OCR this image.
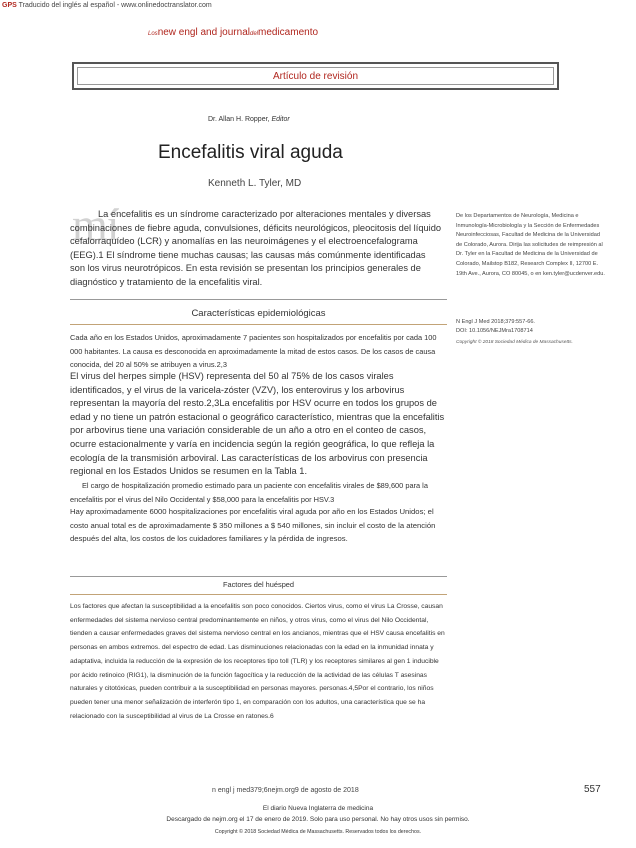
GPS Traducido del inglés al español - www.onlinedoctranslator.com
Losnew engl and journaldelmedicamento
Artículo de revisión
Dr. Allan H. Ropper, Editor
Encefalitis viral aguda
Kenneth L. Tyler, MD
mí
La encefalitis es un síndrome caracterizado por alteraciones mentales y diversas combinaciones de fiebre aguda, convulsiones, déficits neurológicos, pleocitosis del líquido cefalorraquídeo (LCR) y anomalías en las neuroimágenes y el electroencefalograma (EEG).1 El síndrome tiene muchas causas; las causas más comúnmente identificadas son los virus neurotrópicos. En esta revisión se presentan los principios generales de diagnóstico y tratamiento de la encefalitis viral.
De los Departamentos de Neurología, Medicina e Inmunología-Microbiología y la Sección de Enfermedades Neuroinfecciosas, Facultad de Medicina de la Universidad de Colorado, Aurora. Dirija las solicitudes de reimpresión al Dr. Tyler en la Facultad de Medicina de la Universidad de Colorado, Mailstop B182, Research Complex II, 12700 E. 19th Ave., Aurora, CO 80045, o en ken.tyler@ucdenver.edu.
N Engl J Med 2018;379:557-66.
DOI: 10.1056/NEJMra1708714
Copyright © 2018 Sociedad Médica de Massachusetts.
Características epidemiológicas
Cada año en los Estados Unidos, aproximadamente 7 pacientes son hospitalizados por encefalitis por cada 100 000 habitantes. La causa es desconocida en aproximadamente la mitad de estos casos. De los casos de causa conocida, del 20 al 50% se atribuyen a virus.2,3
El virus del herpes simple (HSV) representa del 50 al 75% de los casos virales identificados, y el virus de la varicela-zóster (VZV), los enterovirus y los arbovirus representan la mayoría del resto.2,3La encefalitis por HSV ocurre en todos los grupos de edad y no tiene un patrón estacional o geográfico característico, mientras que la encefalitis por arbovirus tiene una variación considerable de un año a otro en el conteo de casos, ocurre estacionalmente y varía en incidencia según la región geográfica, lo que refleja la ecología de la transmisión arboviral. Las características de los arbovirus con presencia regional en los Estados Unidos se resumen en la Tabla 1.
El cargo de hospitalización promedio estimado para un paciente con encefalitis virales de $89,600 para la encefalitis por el virus del Nilo Occidental y $58,000 para la encefalitis por HSV.3
Hay aproximadamente 6000 hospitalizaciones por encefalitis viral aguda por año en los Estados Unidos; el costo anual total es de aproximadamente $ 350 millones a $ 540 millones, sin incluir el costo de la atención después del alta, los costos de los cuidadores familiares y la pérdida de ingresos.
Factores del huésped
Los factores que afectan la susceptibilidad a la encefalitis son poco conocidos. Ciertos virus, como el virus La Crosse, causan enfermedades del sistema nervioso central predominantemente en niños, y otros virus, como el virus del Nilo Occidental, tienden a causar enfermedades graves del sistema nervioso central en los ancianos, mientras que el HSV causa encefalitis en personas en ambos extremos. del espectro de edad. Las disminuciones relacionadas con la edad en la inmunidad innata y adaptativa, incluida la reducción de la expresión de los receptores tipo toll (TLR) y los receptores similares al gen 1 inducible por ácido retinoico (RIG1), la disminución de la función fagocítica y la reducción de la actividad de las células T asesinas naturales y citotóxicas, pueden contribuir a la susceptibilidad en personas mayores. personas.4,5Por el contrario, los niños pueden tener una menor señalización de interferón tipo 1, en comparación con los adultos, una característica que se ha relacionado con la susceptibilidad al virus de La Crosse en ratones.6
n engl j med379;6nejm.org9 de agosto de 2018	557
El diario Nueva Inglaterra de medicina
Descargado de nejm.org el 17 de enero de 2019. Solo para uso personal. No hay otros usos sin permiso.
Copyright © 2018 Sociedad Médica de Massachusetts. Reservados todos los derechos.
